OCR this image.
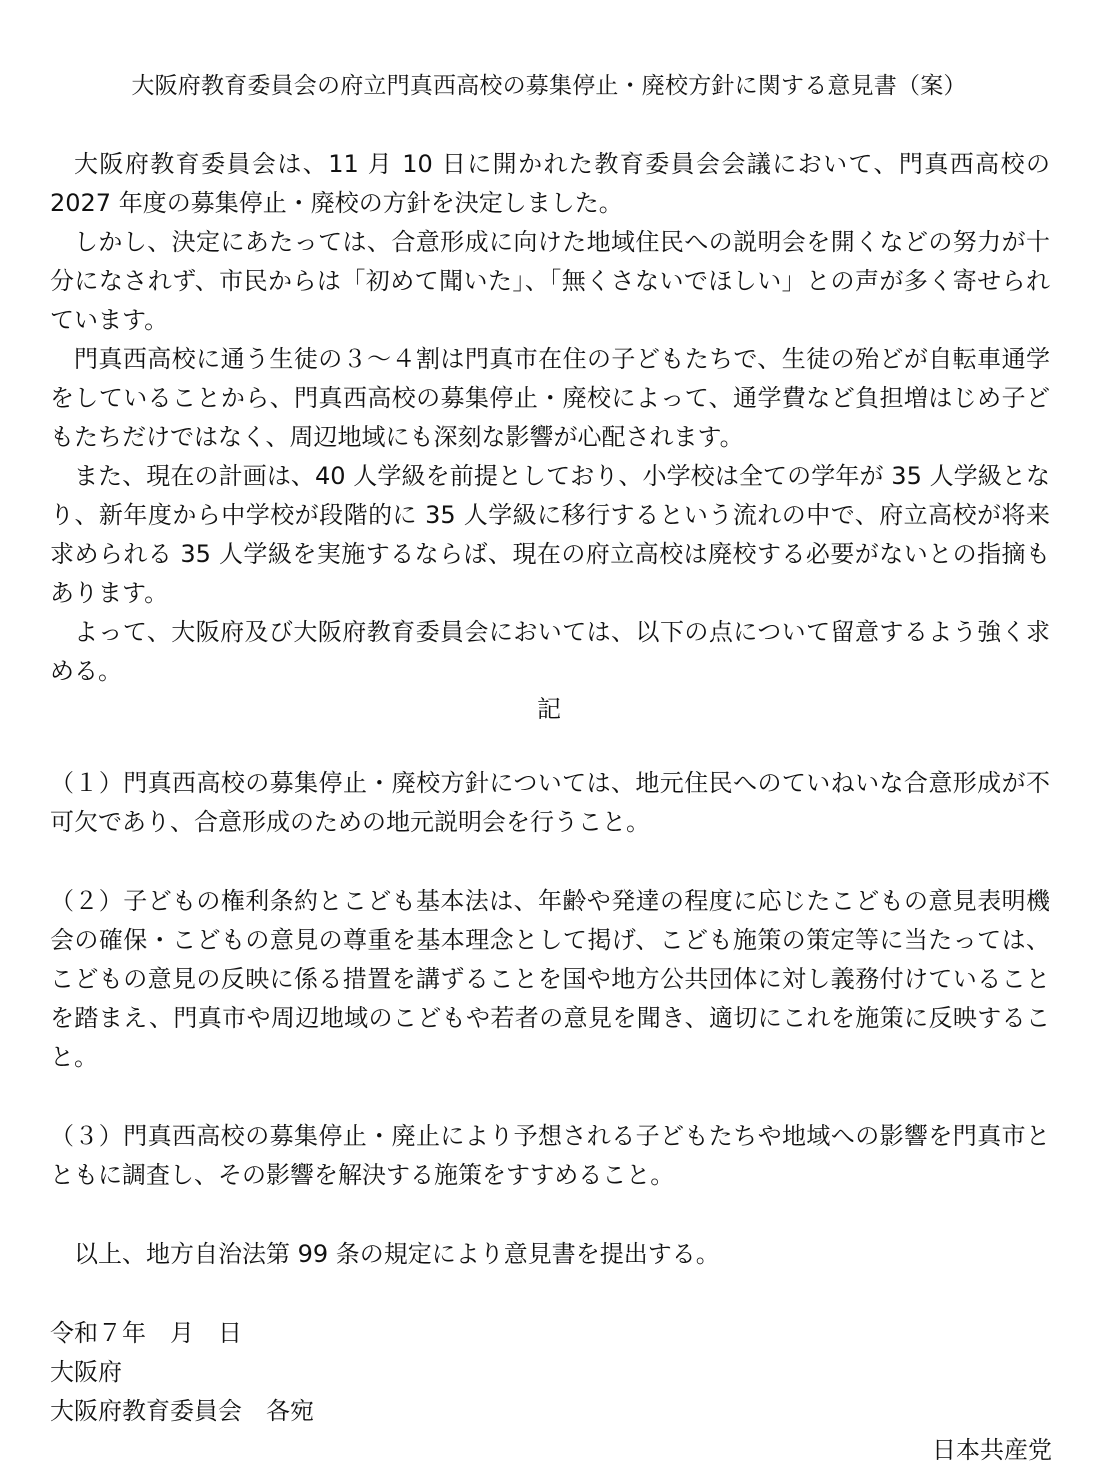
大阪府教育委員会の府立門真西高校の募集停止・廃校方針に関する意見書（案）

大阪府教育委員会は、11 月 10 日に開かれた教育委員会会議において、門真西高校の2027 年度の募集停止・廃校の方針を決定しました。

しかし、決定にあたっては、合意形成に向けた地域住民への説明会を開くなどの努力が十分になされず、市民からは「初めて聞いた」、「無くさないでほしい」との声が多く寄せられています。

門真西高校に通う生徒の３～４割は門真市在住の子どもたちで、生徒の殆どが自転車通学をしていることから、門真西高校の募集停止・廃校によって、通学費など負担増はじめ子どもたちだけではなく、周辺地域にも深刻な影響が心配されます。

また、現在の計画は、40 人学級を前提としており、小学校は全ての学年が 35 人学級となり、新年度から中学校が段階的に 35 人学級に移行するという流れの中で、府立高校が将来求められる 35 人学級を実施するならば、現在の府立高校は廃校する必要がないとの指摘もあります。

よって、大阪府及び大阪府教育委員会においては、以下の点について留意するよう強く求める。

記

（１）門真西高校の募集停止・廃校方針については、地元住民へのていねいな合意形成が不可欠であり、合意形成のための地元説明会を行うこと。

（２）子どもの権利条約とこども基本法は、年齢や発達の程度に応じたこどもの意見表明機会の確保・こどもの意見の尊重を基本理念として掲げ、こども施策の策定等に当たっては、こどもの意見の反映に係る措置を講ずることを国や地方公共団体に対し義務付けていることを踏まえ、門真市や周辺地域のこどもや若者の意見を聞き、適切にこれを施策に反映すること。

（３）門真西高校の募集停止・廃止により予想される子どもたちや地域への影響を門真市とともに調査し、その影響を解決する施策をすすめること。

以上、地方自治法第 99 条の規定により意見書を提出する。
令和７年　月　日
大阪府
大阪府教育委員会　各宛
日本共産党
